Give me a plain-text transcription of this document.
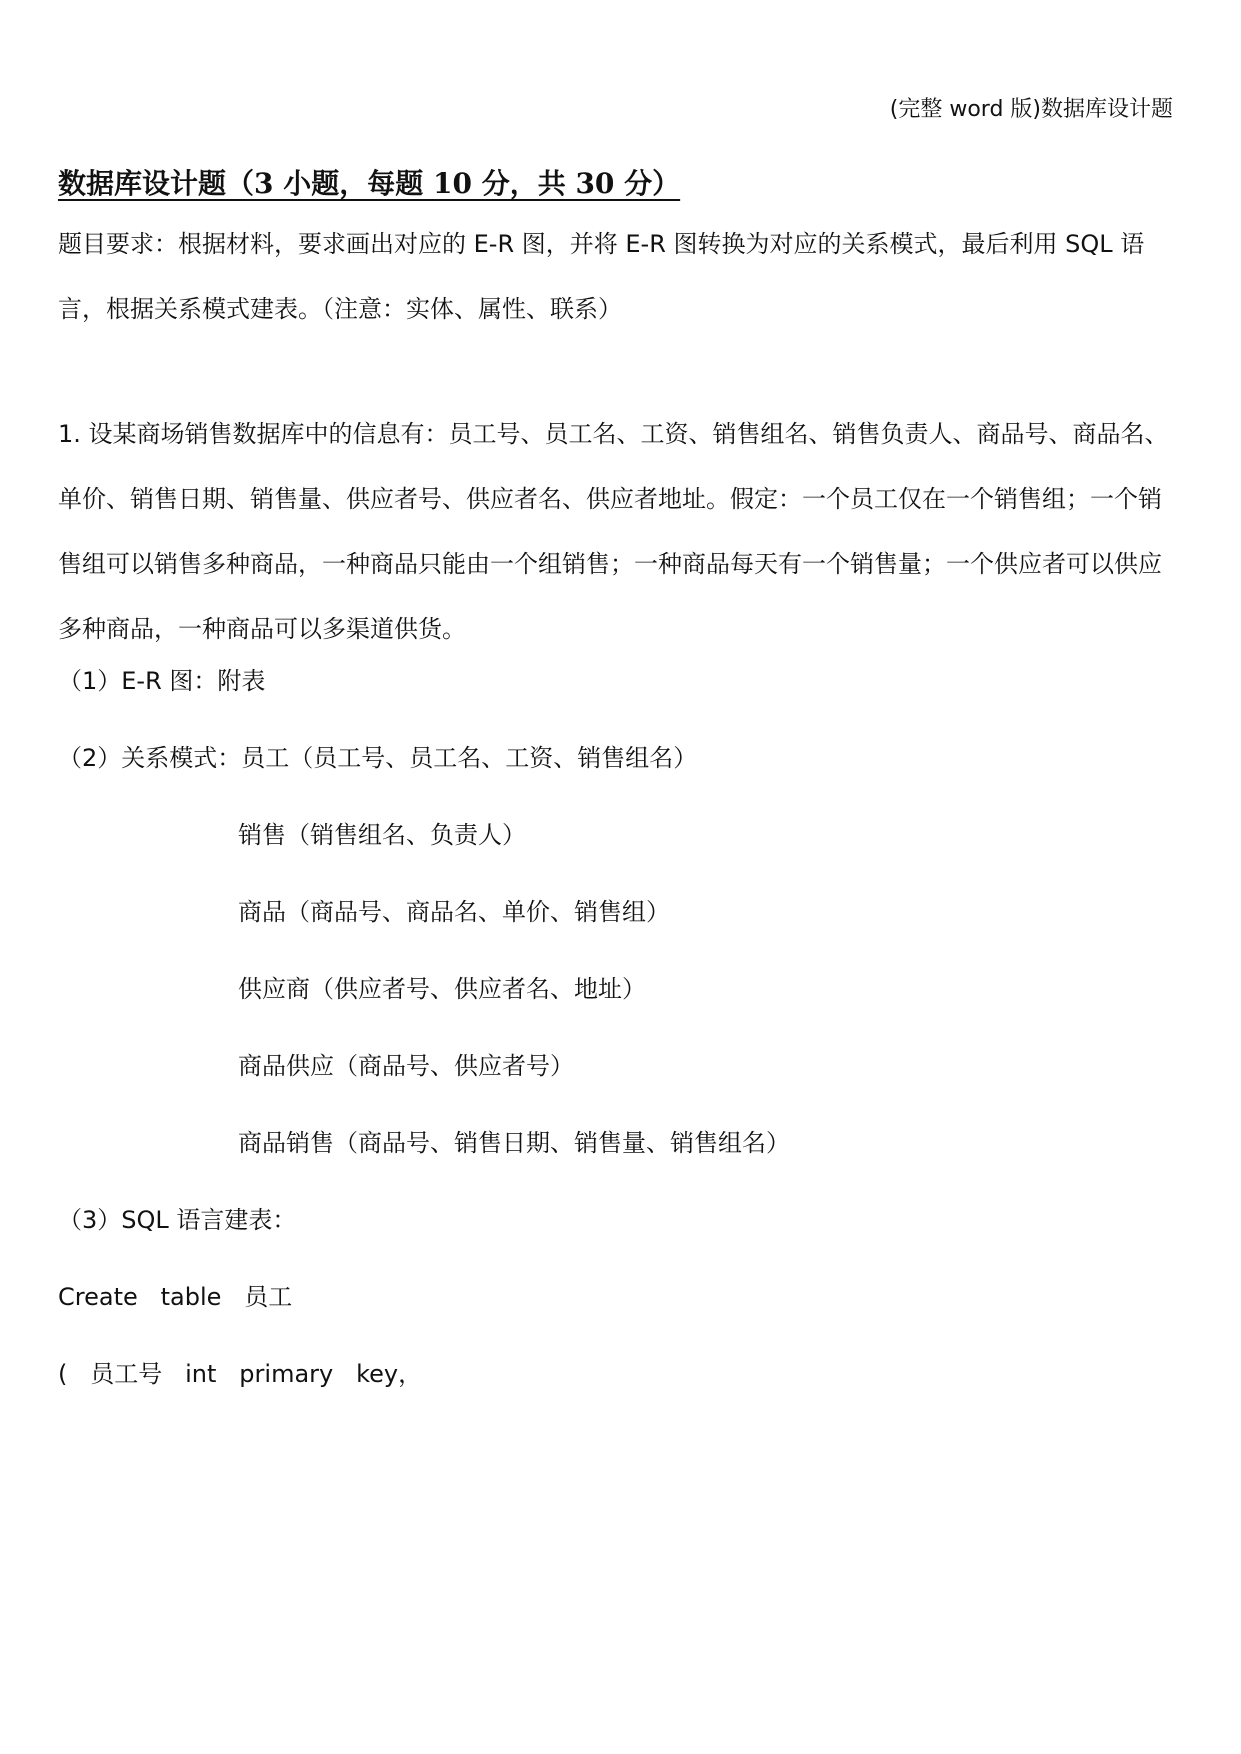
(完整 word 版)数据库设计题
数据库设计题（3 小题，每题 10 分，共 30 分）
题目要求：根据材料，要求画出对应的 E-R 图，并将 E-R 图转换为对应的关系模式，最后利用 SQL 语言，根据关系模式建表。（注意：实体、属性、联系）
1. 设某商场销售数据库中的信息有：员工号、员工名、工资、销售组名、销售负责人、商品号、商品名、单价、销售日期、销售量、供应者号、供应者名、供应者地址。假定：一个员工仅在一个销售组；一个销售组可以销售多种商品，一种商品只能由一个组销售；一种商品每天有一个销售量；一个供应者可以供应多种商品，一种商品可以多渠道供货。
（1）E-R 图：附表
（2）关系模式：员工（员工号、员工名、工资、销售组名）
销售（销售组名、负责人）
商品（商品号、商品名、单价、销售组）
供应商（供应者号、供应者名、地址）
商品供应（商品号、供应者号）
商品销售（商品号、销售日期、销售量、销售组名）
（3）SQL 语言建表：
Create   table   员工
(   员工号   int   primary   key，
